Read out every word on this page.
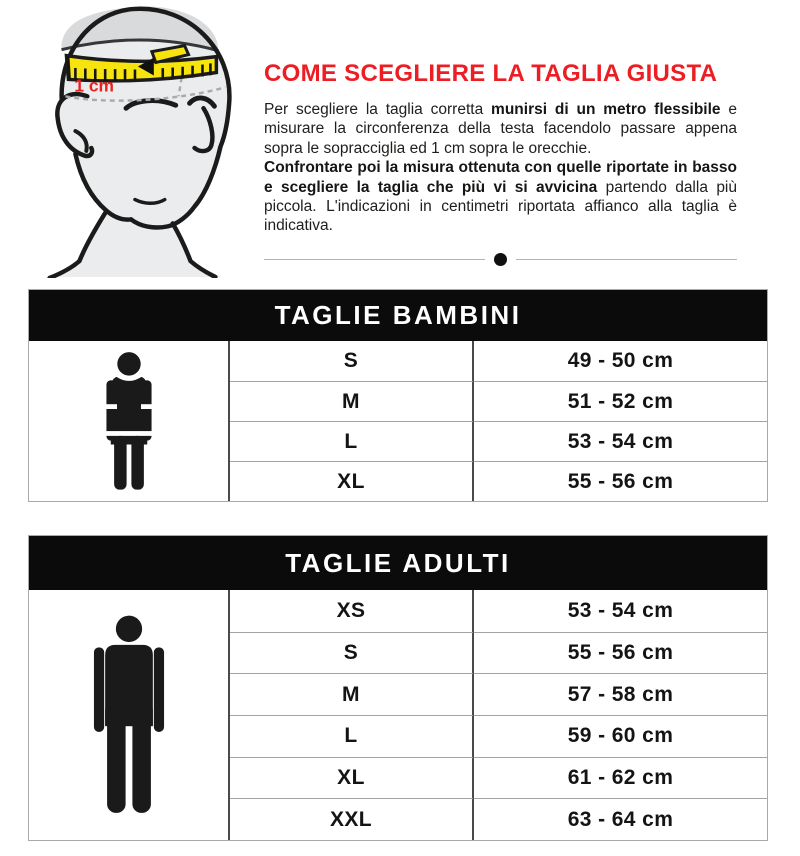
1 cm	COME SCEGLIERE LA TAGLIA GIUSTA

Per scegliere la taglia corretta munirsi di un metro flessibile e misurare la circonferenza della testa facendolo passare appena sopra le sopracciglia ed 1 cm sopra le orecchie.

Confrontare poi la misura ottenuta con quelle riportate in basso e scegliere la taglia che più vi si avvicina partendo dalla più piccola. L'indicazioni in centimetri riportata affianco alla taglia è indicativa.

TAGLIE BAMBINI
S	49 - 50 cm
M	51 - 52 cm
L	53 - 54 cm
XL	55 - 56 cm
TAGLIE ADULTI
XS	53 - 54 cm
S	55 - 56 cm
M	57 - 58 cm
L	59 - 60 cm
XL	61 - 62 cm
XXL	63 - 64 cm
